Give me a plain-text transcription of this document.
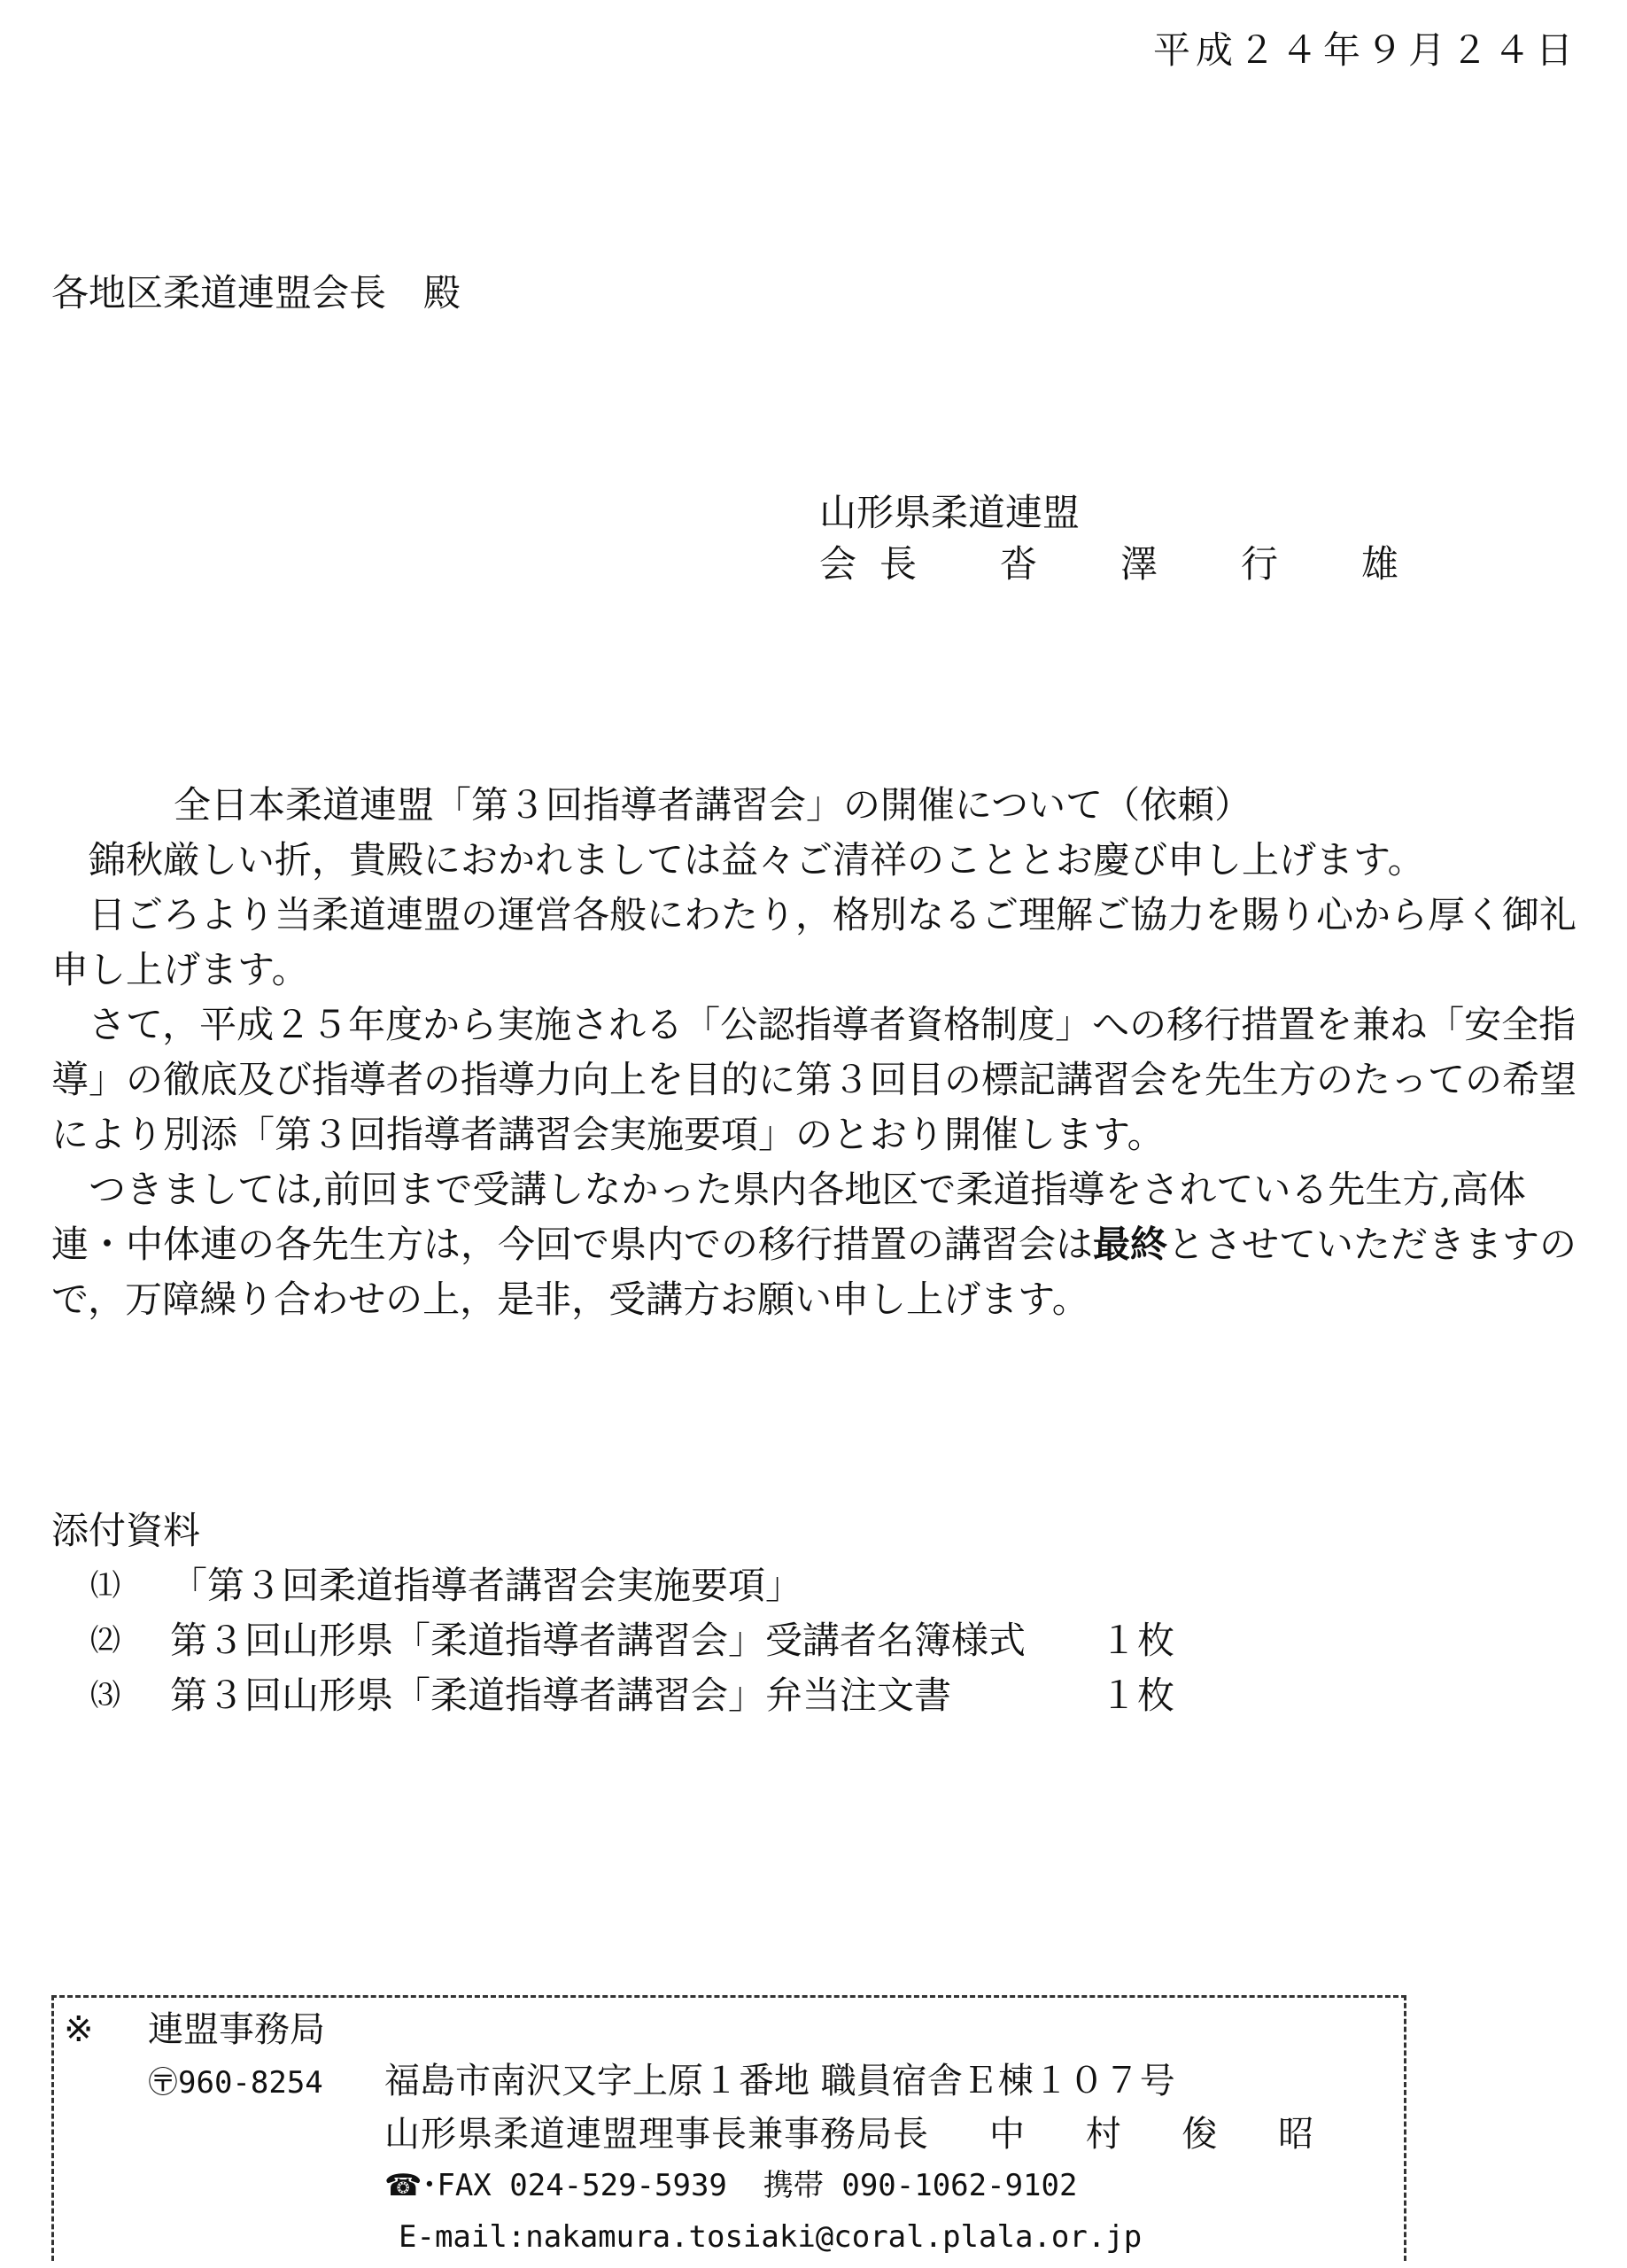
平成２４年９月２４日
各地区柔道連盟会長　殿
山形県柔道連盟
会長　沓　澤　行　雄
全日本柔道連盟「第３回指導者講習会」の開催について（依頼）

錦秋厳しい折，貴殿におかれましては益々ご清祥のこととお慶び申し上げます。

日ごろより当柔道連盟の運営各般にわたり，格別なるご理解ご協力を賜り心から厚く御礼申し上げます。

さて，平成２５年度から実施される「公認指導者資格制度」への移行措置を兼ね「安全指導」の徹底及び指導者の指導力向上を目的に第３回目の標記講習会を先生方のたっての希望により別添「第３回指導者講習会実施要項」のとおり開催します。

つきましては,前回まで受講しなかった県内各地区で柔道指導をされている先生方,高体連・中体連の各先生方は，今回で県内での移行措置の講習会は最終とさせていただきますので，万障繰り合わせの上，是非，受講方お願い申し上げます。

添付資料
⑴	「第３回柔道指導者講習会実施要項」
⑵	第３回山形県「柔道指導者講習会」受講者名簿様式	１枚
⑶	第３回山形県「柔道指導者講習会」弁当注文書	１枚
※	連盟事務局
〶960-8254	福島市南沢又字上原１番地 職員宿舎Ｅ棟１０７号
山形県柔道連盟理事長兼事務局長
　	中 村 俊 昭
☎ ･FAX
024-529-5939
携帯
090-1062-9102
E-mail:nakamura.tosiaki@coral.plala.or.jp
